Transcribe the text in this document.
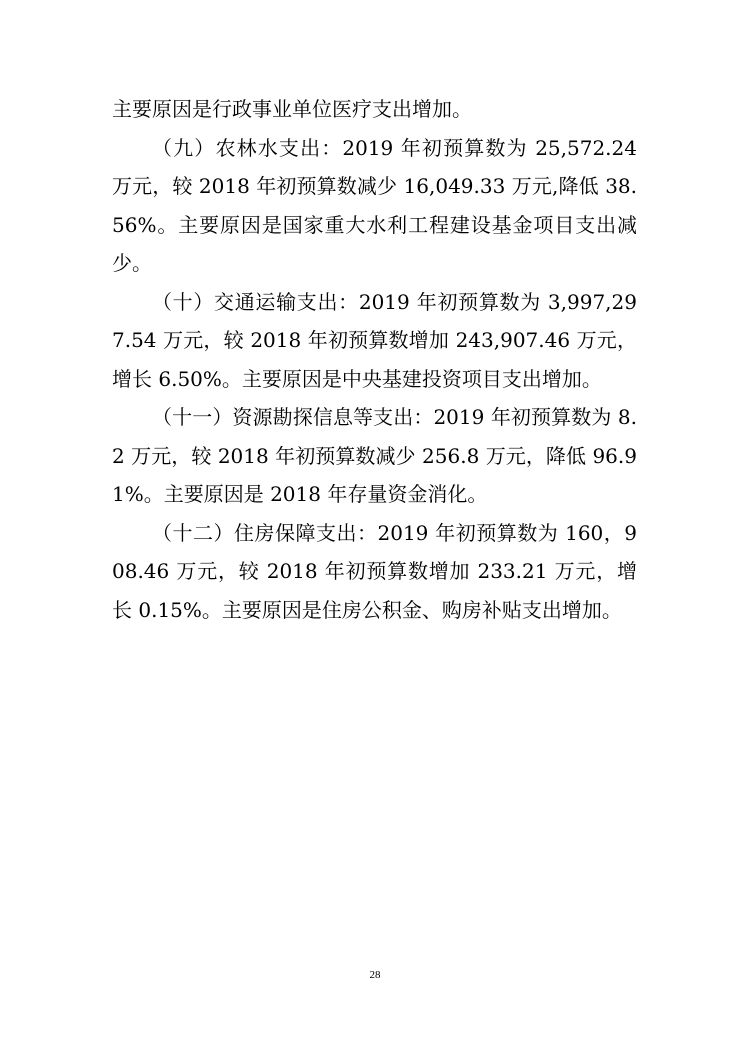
主要原因是行政事业单位医疗支出增加。

（九）农林水支出：2019 年初预算数为 25,572.24 万元，较 2018 年初预算数减少 16,049.33 万元,降低 38.56%。主要原因是国家重大水利工程建设基金项目支出减少。

（十）交通运输支出：2019 年初预算数为 3,997,297.54 万元，较 2018 年初预算数增加 243,907.46 万元，增长 6.50%。主要原因是中央基建投资项目支出增加。

（十一）资源勘探信息等支出：2019 年初预算数为 8.2 万元，较 2018 年初预算数减少 256.8 万元，降低 96.91%。主要原因是 2018 年存量资金消化。

（十二）住房保障支出：2019 年初预算数为 160，908.46 万元，较 2018 年初预算数增加 233.21 万元，增长 0.15%。主要原因是住房公积金、购房补贴支出增加。

28
